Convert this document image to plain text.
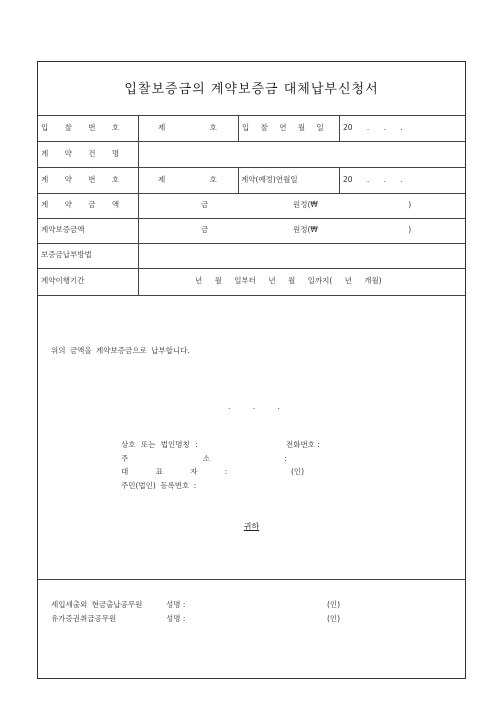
입찰보증금의 계약보증금 대체납부신청서
입 찰 번 호	제 호	입 찰 연 월 일	20 . . .
계 약 건 명
계 약 번 호	제 호	계약(예정)연월일	20 . . .
계 약 금 액	금	원정(₩ )
계약보증금액	금	원정(₩ )
보증금납부방법
계약이행기간	년 월 일부터 년 월 일까지( 년 개월)
위의 금액을 계약보증금으로 납부합니다.
. . .
상호 또는 법인명칭 :	전화번호 :
주 소 :
대 표 자 :	(인)
주민(법인) 등록번호 :
귀하
세입세출외 현금출납공무원	성명 :	(인)
유가증권취급공무원	성명 :	(인)
